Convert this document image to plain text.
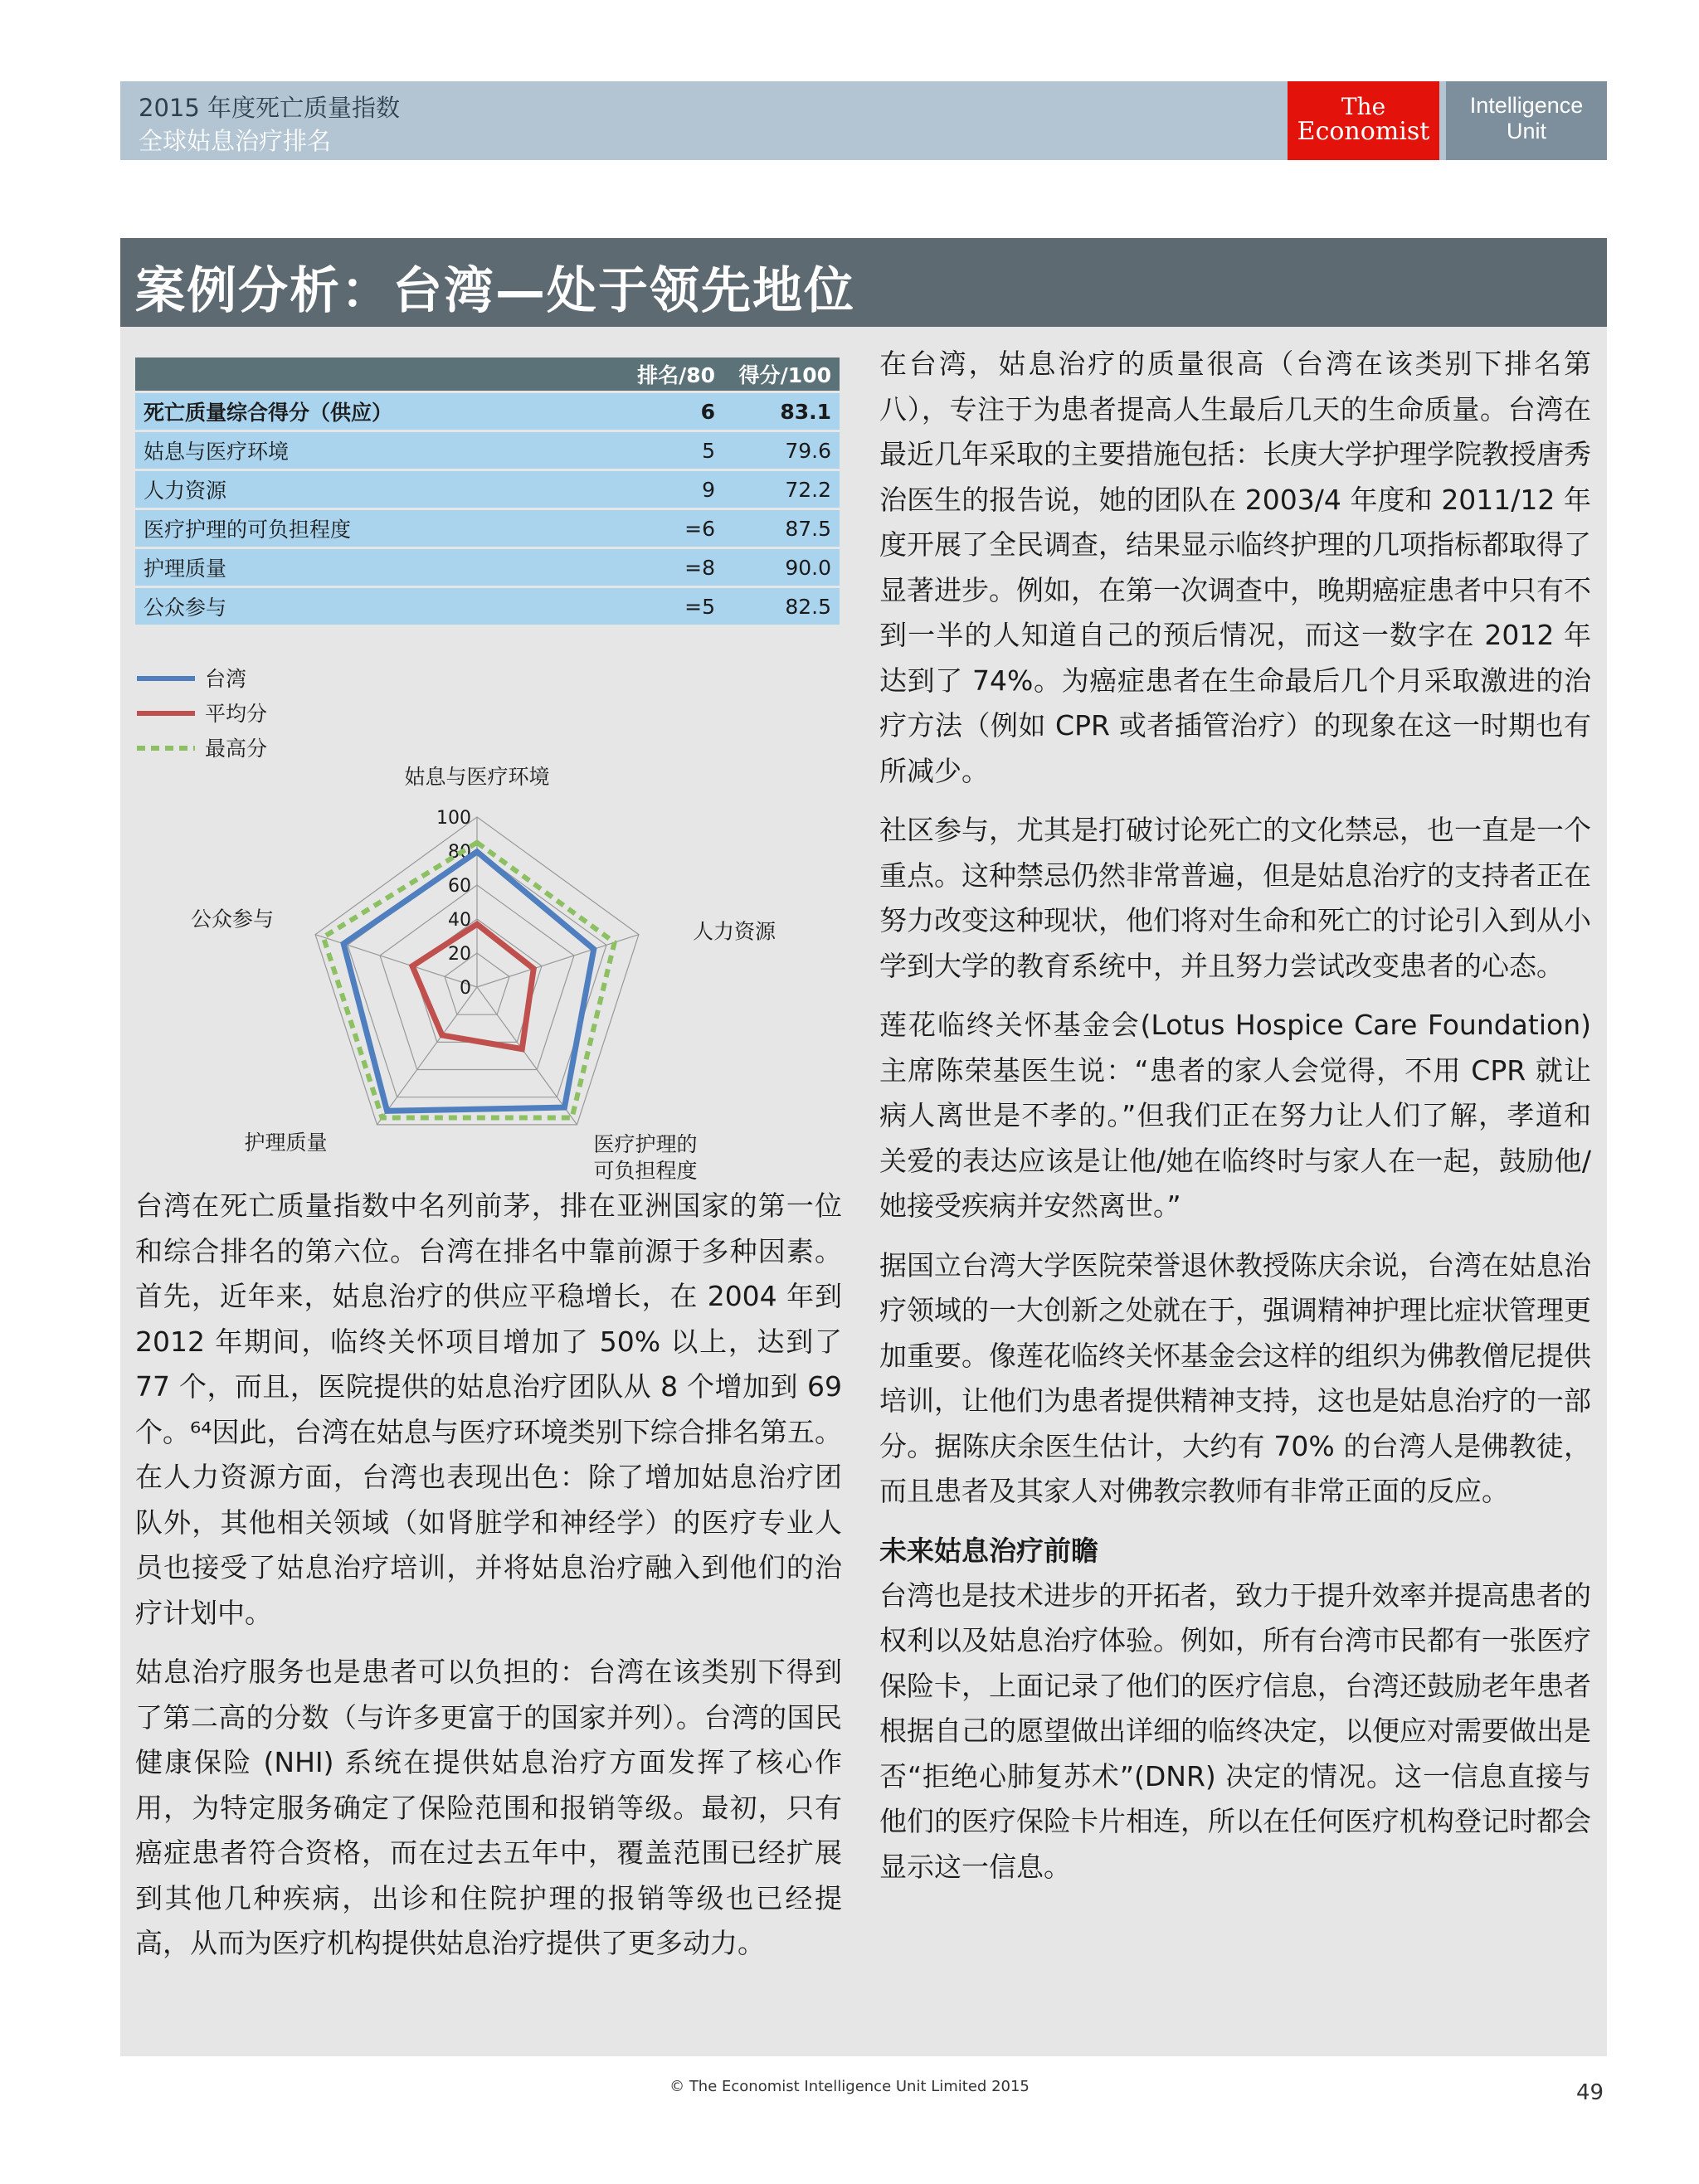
2015 年度死亡质量指数
全球姑息治疗排名
The
Economist
Intelligence
Unit
案例分析：台湾—处于领先地位
	排名/80	得分/100
死亡质量综合得分（供应）	6	83.1
姑息与医疗环境	5	79.6
人力资源	9	72.2
医疗护理的可负担程度	=6	87.5
护理质量	=8	90.0
公众参与	=5	82.5
台湾
平均分
最高分
0
20
40
60
80
100
姑息与医疗环境
人力资源
医疗护理的
可负担程度
护理质量
公众参与

台湾在死亡质量指数中名列前茅，排在亚洲国家的第一位和综合排名的第六位。台湾在排名中靠前源于多种因素。首先，近年来，姑息治疗的供应平稳增长，在 2004 年到 2012 年期间，临终关怀项目增加了 50% 以上，达到了 77 个，而且，医院提供的姑息治疗团队从 8 个增加到 69 个。⁶⁴因此，台湾在姑息与医疗环境类别下综合排名第五。在人力资源方面，台湾也表现出色：除了增加姑息治疗团队外，其他相关领域（如肾脏学和神经学）的医疗专业人员也接受了姑息治疗培训，并将姑息治疗融入到他们的治疗计划中。

姑息治疗服务也是患者可以负担的：台湾在该类别下得到了第二高的分数（与许多更富于的国家并列）。台湾的国民健康保险 (NHI) 系统在提供姑息治疗方面发挥了核心作用，为特定服务确定了保险范围和报销等级。最初，只有癌症患者符合资格，而在过去五年中，覆盖范围已经扩展到其他几种疾病，出诊和住院护理的报销等级也已经提高，从而为医疗机构提供姑息治疗提供了更多动力。

在台湾，姑息治疗的质量很高（台湾在该类别下排名第八），专注于为患者提高人生最后几天的生命质量。台湾在最近几年采取的主要措施包括：长庚大学护理学院教授唐秀治医生的报告说，她的团队在 2003/4 年度和 2011/12 年度开展了全民调查，结果显示临终护理的几项指标都取得了显著进步。例如，在第一次调查中，晚期癌症患者中只有不到一半的人知道自己的预后情况，而这一数字在 2012 年达到了 74%。为癌症患者在生命最后几个月采取激进的治疗方法（例如 CPR 或者插管治疗）的现象在这一时期也有所减少。

社区参与，尤其是打破讨论死亡的文化禁忌，也一直是一个重点。这种禁忌仍然非常普遍，但是姑息治疗的支持者正在努力改变这种现状，他们将对生命和死亡的讨论引入到从小学到大学的教育系统中，并且努力尝试改变患者的心态。

莲花临终关怀基金会(Lotus Hospice Care Foundation) 主席陈荣基医生说：“患者的家人会觉得，不用 CPR 就让病人离世是不孝的。”但我们正在努力让人们了解，孝道和关爱的表达应该是让他/她在临终时与家人在一起，鼓励他/她接受疾病并安然离世。”

据国立台湾大学医院荣誉退休教授陈庆余说，台湾在姑息治疗领域的一大创新之处就在于，强调精神护理比症状管理更加重要。像莲花临终关怀基金会这样的组织为佛教僧尼提供培训，让他们为患者提供精神支持，这也是姑息治疗的一部分。据陈庆余医生估计，大约有 70% 的台湾人是佛教徒，而且患者及其家人对佛教宗教师有非常正面的反应。

未来姑息治疗前瞻

台湾也是技术进步的开拓者，致力于提升效率并提高患者的权利以及姑息治疗体验。例如，所有台湾市民都有一张医疗保险卡，上面记录了他们的医疗信息，台湾还鼓励老年患者根据自己的愿望做出详细的临终决定，以便应对需要做出是否“拒绝心肺复苏术”(DNR) 决定的情况。这一信息直接与他们的医疗保险卡片相连，所以在任何医疗机构登记时都会显示这一信息。

© The Economist Intelligence Unit Limited 2015	49
